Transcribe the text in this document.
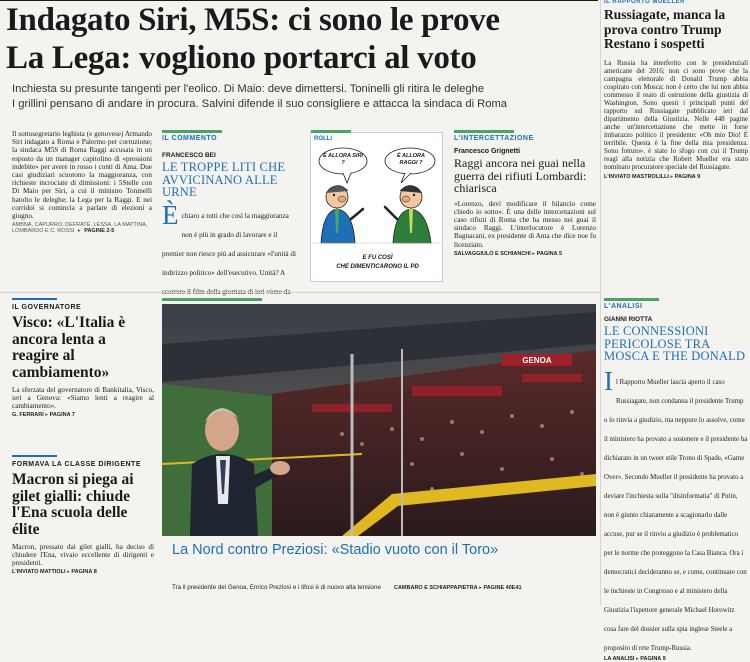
Indagato Siri, M5S: ci sono le prove
La Lega: vogliono portarci al voto
Inchiesta su presunte tangenti per l'eolico. Di Maio: deve dimettersi. Toninelli gli ritira le deleghe
I grillini pensano di andare in procura. Salvini difende il suo consigliere e attacca la sindaca di Roma

Il sottosegretario leghista (e genovese) Armando Siri indagato a Roma e Palermo per corruzione; la sindaca M5S di Roma Raggi accusata in un esposto da un manager capitolino di «pressioni indebite» per avere in rosso i conti di Ama. Due casi giudiziari scuotono la maggioranza, con richieste incrociate di dimissioni: i 5Stelle con Di Maio per Siri, a cui il ministro Toninelli hatolto le deleghe; la Lega per la Raggi. E nei corridoi si comincia a parlare di elezioni a giugno.

AMBNA, CAPURRO, DEFRATE, LESSA, LA MATTINA,
LOMBARDO E C. ROSSI ▸ PAGINE 2-5
IL COMMENTO
FRANCESCO BEI
LE TROPPE LITI CHE AVVICINANO ALLE URNE
È chiaro a tutti che così la maggioranza non è più in grado di lavorare e il premier non riesce più ad assicurare «l'unità di indirizzo politico» dell'esecutivo. Unità? A
ROLLI
È ALLORA SIRI ?
È ALLORA RAGGI ?
E FU COSÌ
CHE DIMENTICARONO IL PD
L'INTERCETTAZIONE
Francesco Grignetti
Raggi ancora nei guai nella guerra dei rifiuti Lombardi: chiarisca

«Lorenzo, devi modificare il bilancio come chiedo io sotto». È una delle intercettazioni sul caso rifiuti di Roma che ha messo nei guai il sindaco Raggi. L'interlocutore è Lorenzo Bagnacani, ex presidente di Ama che dice noe fu licenziato.

SALVAGGIULO E SCHIANCHI ▸ PAGINA 5
IL RAPPORTO MUELLER
Russiagate, manca la prova contro Trump Restano i sospetti

La Russia ha interferito con le presidenziali americane del 2016; non ci sono prove che la campagna elettorale di Donald Trump abbia cospirato con Mosca; non è certo che lui non abbia commesso il reato di ostruzione della giustizia di Washington. Sono questi i principali punti del rapporto sul Russiagate pubblicato ieri dal dipartimento della Giustizia. Nelle 448 pagine anche un'intercettazione che mette in forse imbarazzo politico il presidente: «Oh mio Dio! È terribile. Questa è la fine della mia presidenza. Sono fottuto». è stato lo sfogo con cui il Trump reagì alla notizia che Robert Mueller era stato nominato procuratore speciale del Russiagate.

L'INVIATO MASTROLILLI ▸ PAGINA 9
IL GOVERNATORE
Visco: «L'Italia è ancora lenta a reagire al cambiamento»

La sferzata del governatore di Bankitalia, Visco, ieri a Genova: «Siamo lenti a reagire al cambiamento».

G. FERRARI ▸ PAGINA 7
FORMAVA LA CLASSE DIRIGENTE
Macron si piega ai gilet gialli: chiude l'Ena scuola delle élite

Macron, pressato dai gilet gialli, ha deciso di chiudere l'Ena, vivaio eccellente di dirigenti e presidenti.

L'INVIATO MATTIOLI ▸ PAGINA 8
GENOA
La Nord contro Preziosi: «Stadio vuoto con il Toro»
Tra il presidente del Genoa, Enrico Preziosi e i tifosi è di nuovo alta tensione CAMBARO E SCHIAPPAPIETRA ▸ PAGINE 40E41
L'ANALISI
GIANNI RIOTTA
LE CONNESSIONI PERICOLOSE TRA MOSCA E THE DONALD
I l Rapporto Mueller lascia aperto il caso Russiagate, non condanna il presidente Trump o lo rinvia a giudizio, ma neppure lo assolve, come il ministero ha provato a sostenere e il presidente ha dichiarato in un tweet stile Trono di Spade, «Game Over». Secondo Mueller il presidente ha provato a deviare l'inchiesta sulla "disinformatia" di Putin, non è giunto chiaramente a scagionarlo dalle accuse, pur se il rinvio a giudizio è problematico per le norme che proteggono la Casa Bianca. Ora i democratici decideranno se, e come, continuare con le inchieste in Congresso e al ministero della Giustizia l'ispettore generale Michael Horowitz cosa fare del dossier sulla spia inglese Steele a proposito di rete Trump-Russia.
LA ANALISI ▸ PAGINA 9
